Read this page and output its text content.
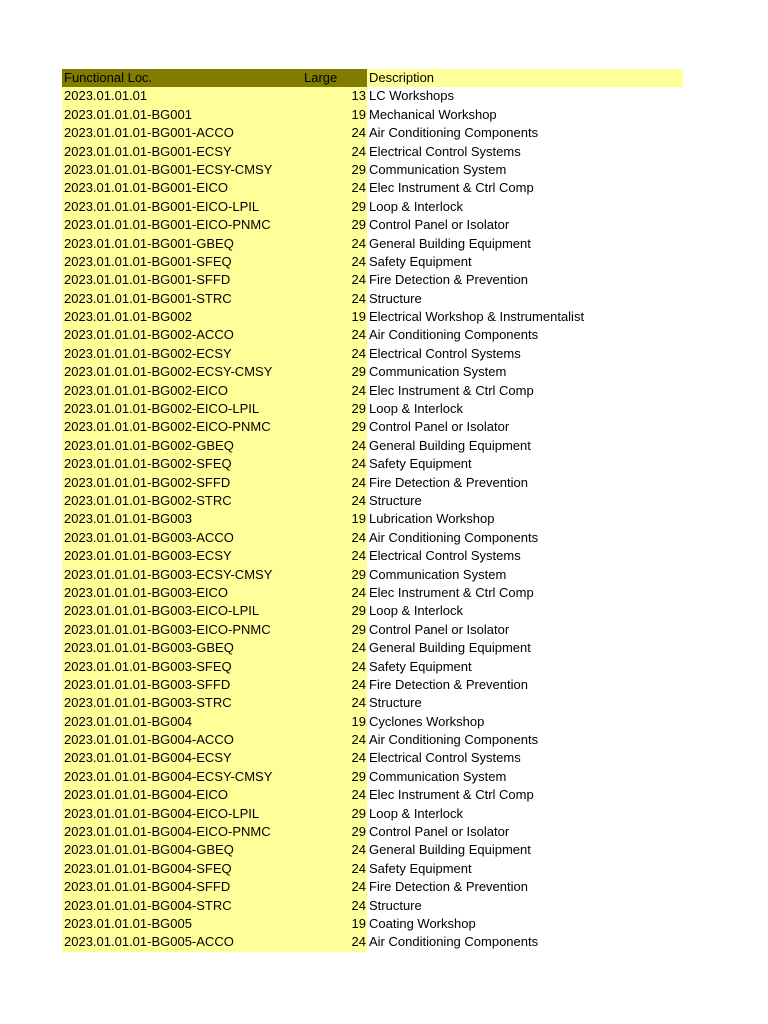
Functional Loc.	Large	Description
2023.01.01.01	13 LC Workshops
2023.01.01.01-BG001	19 Mechanical Workshop
2023.01.01.01-BG001-ACCO	24 Air Conditioning Components
2023.01.01.01-BG001-ECSY	24 Electrical Control Systems
2023.01.01.01-BG001-ECSY-CMSY	29 Communication System
2023.01.01.01-BG001-EICO	24 Elec Instrument & Ctrl Comp
2023.01.01.01-BG001-EICO-LPIL	29 Loop & Interlock
2023.01.01.01-BG001-EICO-PNMC	29 Control Panel or Isolator
2023.01.01.01-BG001-GBEQ	24 General Building Equipment
2023.01.01.01-BG001-SFEQ	24 Safety Equipment
2023.01.01.01-BG001-SFFD	24 Fire Detection & Prevention
2023.01.01.01-BG001-STRC	24 Structure
2023.01.01.01-BG002	19 Electrical Workshop & Instrumentalist
2023.01.01.01-BG002-ACCO	24 Air Conditioning Components
2023.01.01.01-BG002-ECSY	24 Electrical Control Systems
2023.01.01.01-BG002-ECSY-CMSY	29 Communication System
2023.01.01.01-BG002-EICO	24 Elec Instrument & Ctrl Comp
2023.01.01.01-BG002-EICO-LPIL	29 Loop & Interlock
2023.01.01.01-BG002-EICO-PNMC	29 Control Panel or Isolator
2023.01.01.01-BG002-GBEQ	24 General Building Equipment
2023.01.01.01-BG002-SFEQ	24 Safety Equipment
2023.01.01.01-BG002-SFFD	24 Fire Detection & Prevention
2023.01.01.01-BG002-STRC	24 Structure
2023.01.01.01-BG003	19 Lubrication Workshop
2023.01.01.01-BG003-ACCO	24 Air Conditioning Components
2023.01.01.01-BG003-ECSY	24 Electrical Control Systems
2023.01.01.01-BG003-ECSY-CMSY	29 Communication System
2023.01.01.01-BG003-EICO	24 Elec Instrument & Ctrl Comp
2023.01.01.01-BG003-EICO-LPIL	29 Loop & Interlock
2023.01.01.01-BG003-EICO-PNMC	29 Control Panel or Isolator
2023.01.01.01-BG003-GBEQ	24 General Building Equipment
2023.01.01.01-BG003-SFEQ	24 Safety Equipment
2023.01.01.01-BG003-SFFD	24 Fire Detection & Prevention
2023.01.01.01-BG003-STRC	24 Structure
2023.01.01.01-BG004	19 Cyclones Workshop
2023.01.01.01-BG004-ACCO	24 Air Conditioning Components
2023.01.01.01-BG004-ECSY	24 Electrical Control Systems
2023.01.01.01-BG004-ECSY-CMSY	29 Communication System
2023.01.01.01-BG004-EICO	24 Elec Instrument & Ctrl Comp
2023.01.01.01-BG004-EICO-LPIL	29 Loop & Interlock
2023.01.01.01-BG004-EICO-PNMC	29 Control Panel or Isolator
2023.01.01.01-BG004-GBEQ	24 General Building Equipment
2023.01.01.01-BG004-SFEQ	24 Safety Equipment
2023.01.01.01-BG004-SFFD	24 Fire Detection & Prevention
2023.01.01.01-BG004-STRC	24 Structure
2023.01.01.01-BG005	19 Coating Workshop
2023.01.01.01-BG005-ACCO	24 Air Conditioning Components
